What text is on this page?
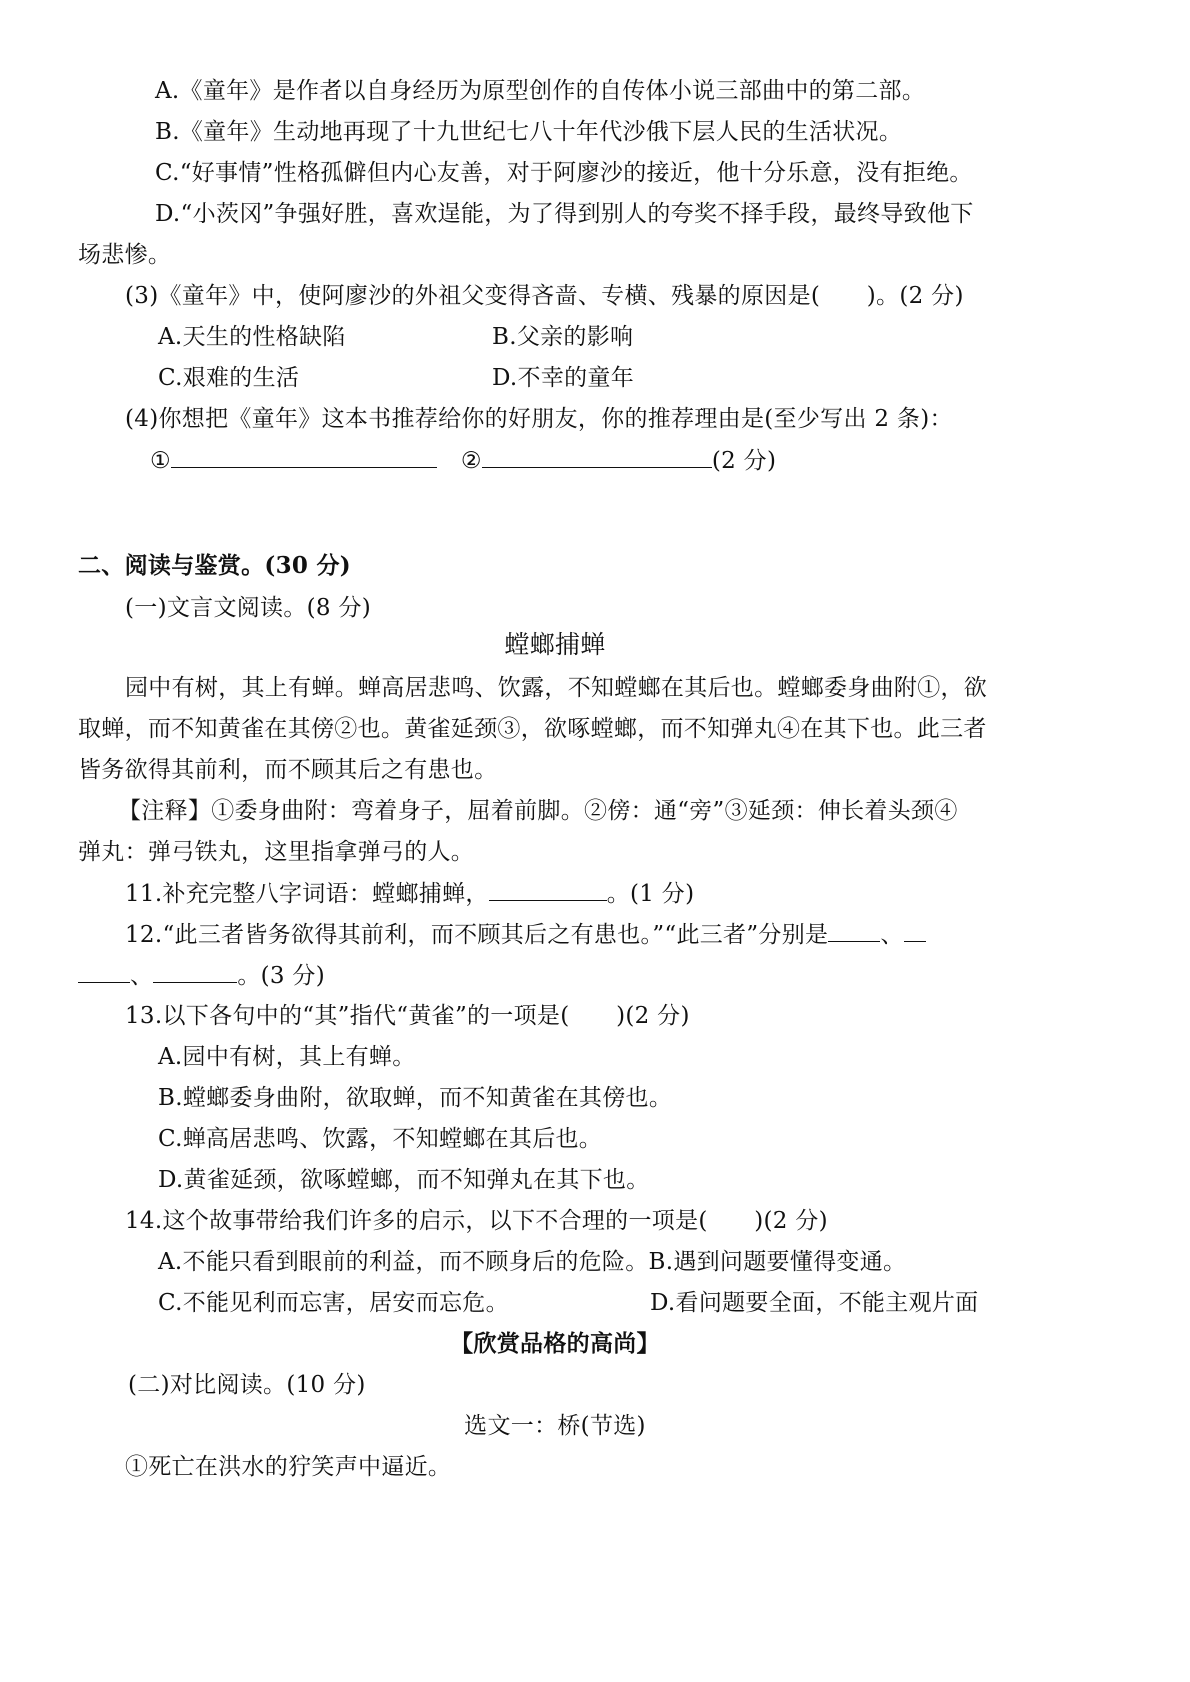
A.《童年》是作者以自身经历为原型创作的自传体小说三部曲中的第二部。
B.《童年》生动地再现了十九世纪七八十年代沙俄下层人民的生活状况。
C.“好事情”性格孤僻但内心友善，对于阿廖沙的接近，他十分乐意，没有拒绝。
D.“小茨冈”争强好胜，喜欢逞能，为了得到别人的夸奖不择手段，最终导致他下
场悲惨。
(3)《童年》中，使阿廖沙的外祖父变得吝啬、专横、残暴的原因是(　　)。(2 分)
A.天生的性格缺陷	B.父亲的影响
C.艰难的生活	D.不幸的童年
(4)你想把《童年》这本书推荐给你的好朋友，你的推荐理由是(至少写出 2 条)：
①	②	(2 分)
二、阅读与鉴赏。(30 分)
(一)文言文阅读。(8 分)
螳螂捕蝉
园中有树，其上有蝉。蝉高居悲鸣、饮露，不知螳螂在其后也。螳螂委身曲附①，欲
取蝉，而不知黄雀在其傍②也。黄雀延颈③，欲啄螳螂，而不知弹丸④在其下也。此三者
皆务欲得其前利，而不顾其后之有患也。
【注释】①委身曲附：弯着身子，屈着前脚。②傍：通“旁”③延颈：伸长着头颈④
弹丸：弹弓铁丸，这里指拿弹弓的人。
11.补充完整八字词语：螳螂捕蝉，	。(1 分)
12.“此三者皆务欲得其前利，而不顾其后之有患也。”“此三者”分别是 、
、	。(3 分)
13.以下各句中的“其”指代“黄雀”的一项是(　　)(2 分)
A.园中有树，其上有蝉。
B.螳螂委身曲附，欲取蝉，而不知黄雀在其傍也。
C.蝉高居悲鸣、饮露，不知螳螂在其后也。
D.黄雀延颈，欲啄螳螂，而不知弹丸在其下也。
14.这个故事带给我们许多的启示，以下不合理的一项是(　　)(2 分)
A.不能只看到眼前的利益，而不顾身后的危险。B.遇到问题要懂得变通。
C.不能见利而忘害，居安而忘危。	D.看问题要全面，不能主观片面
【欣赏品格的高尚】
(二)对比阅读。(10 分)
选文一：桥(节选)
①死亡在洪水的狞笑声中逼近。
